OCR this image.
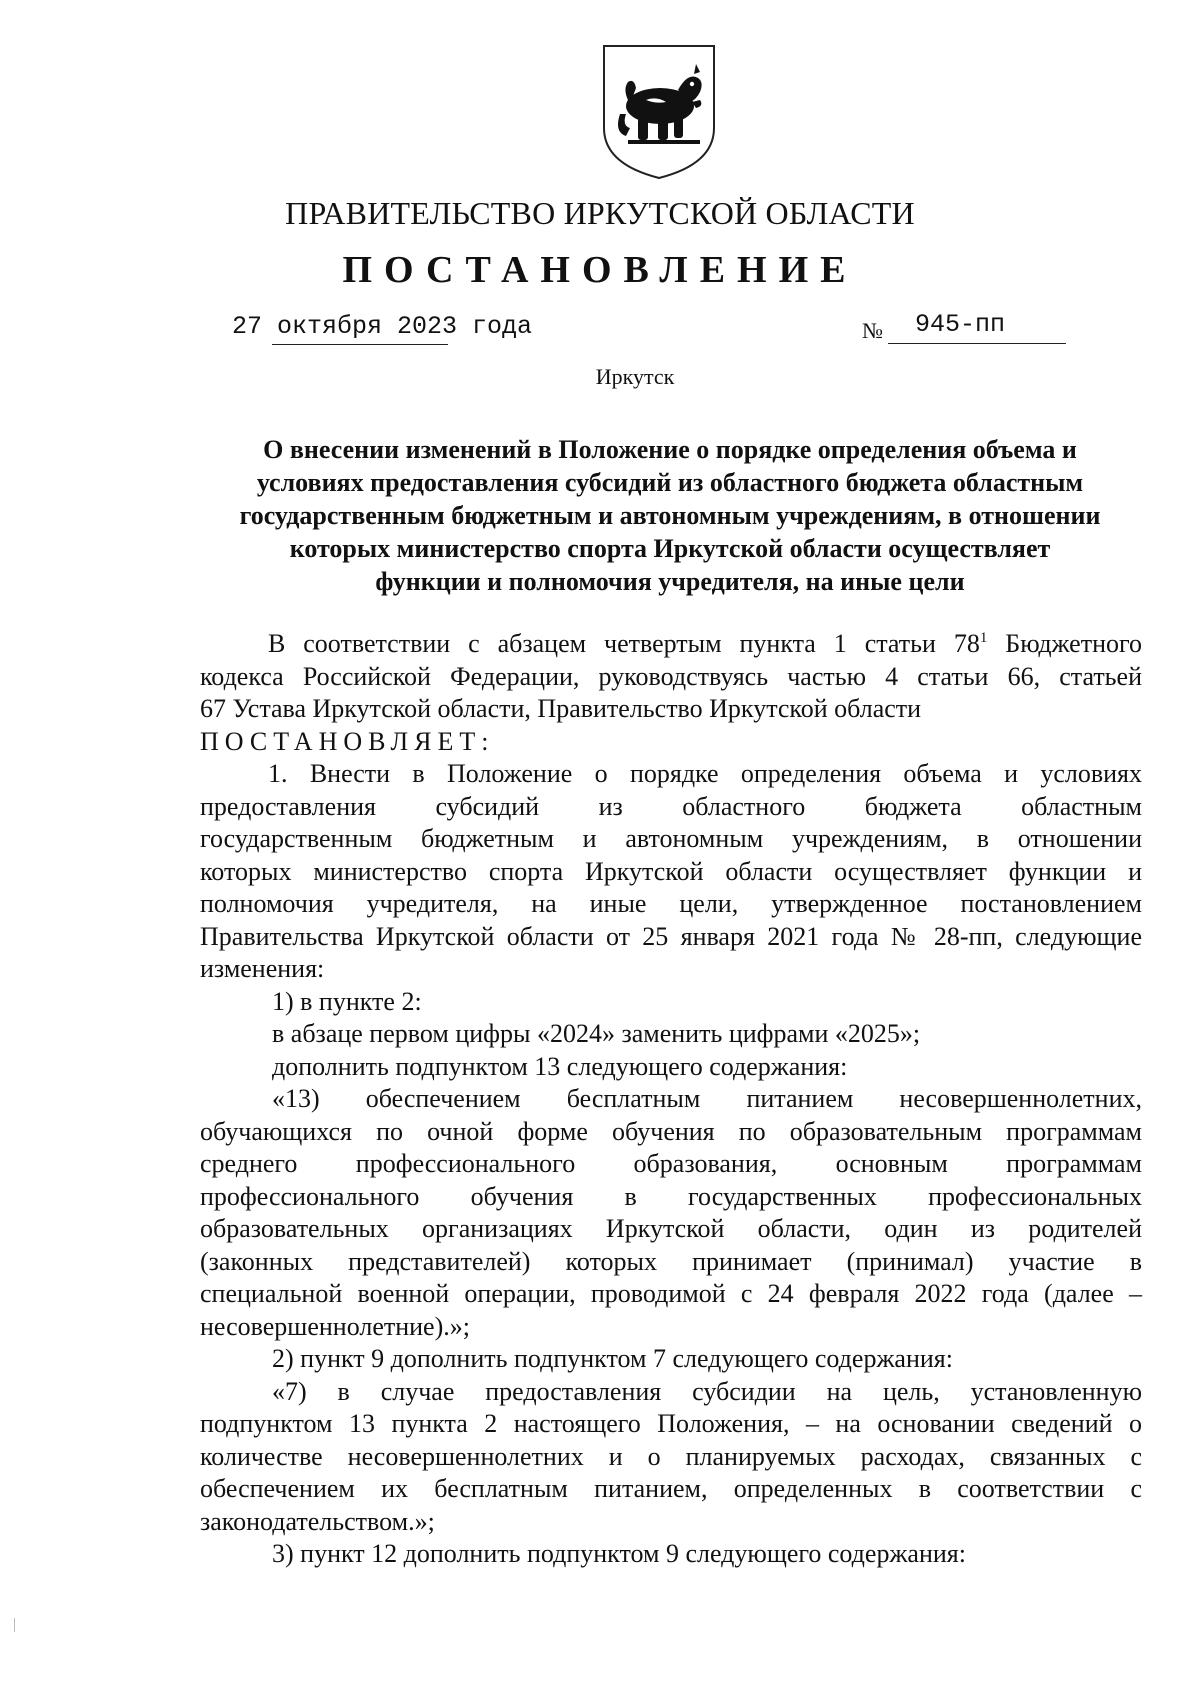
ПРАВИТЕЛЬСТВО ИРКУТСКОЙ ОБЛАСТИ
ПОСТАНОВЛЕНИЕ
27 октября 2023 года	№ 945-пп
Иркутск
О внесении изменений в Положение о порядке определения объема и
условиях предоставления субсидий из областного бюджета областным
государственным бюджетным и автономным учреждениям, в отношении
которых министерство спорта Иркутской области осуществляет
функции и полномочия учредителя, на иные цели
В соответствии с абзацем четвертым пункта 1 статьи $78^1$ Бюджетного
кодекса Российской Федерации, руководствуясь частью 4 статьи 66, статьей
67 Устава Иркутской области, Правительство Иркутской области
ПОСТАНОВЛЯЕТ:
1. Внести в Положение о порядке определения объема и условиях
предоставления субсидий из областного бюджета областным
государственным бюджетным и автономным учреждениям, в отношении
которых министерство спорта Иркутской области осуществляет функции и
полномочия учредителя, на иные цели, утвержденное постановлением
Правительства Иркутской области от 25 января 2021 года № 28-пп, следующие
изменения:
1) в пункте 2:
в абзаце первом цифры «2024» заменить цифрами «2025»;
дополнить подпунктом 13 следующего содержания:
«13) обеспечением бесплатным питанием несовершеннолетних,
обучающихся по очной форме обучения по образовательным программам
среднего профессионального образования, основным программам
профессионального обучения в государственных профессиональных
образовательных организациях Иркутской области, один из родителей
(законных представителей) которых принимает (принимал) участие в
специальной военной операции, проводимой с 24 февраля 2022 года (далее –
несовершеннолетние).»;
2) пункт 9 дополнить подпунктом 7 следующего содержания:
«7) в случае предоставления субсидии на цель, установленную
подпунктом 13 пункта 2 настоящего Положения, – на основании сведений о
количестве несовершеннолетних и о планируемых расходах, связанных с
обеспечением их бесплатным питанием, определенных в соответствии с
законодательством.»;
3) пункт 12 дополнить подпунктом 9 следующего содержания:
